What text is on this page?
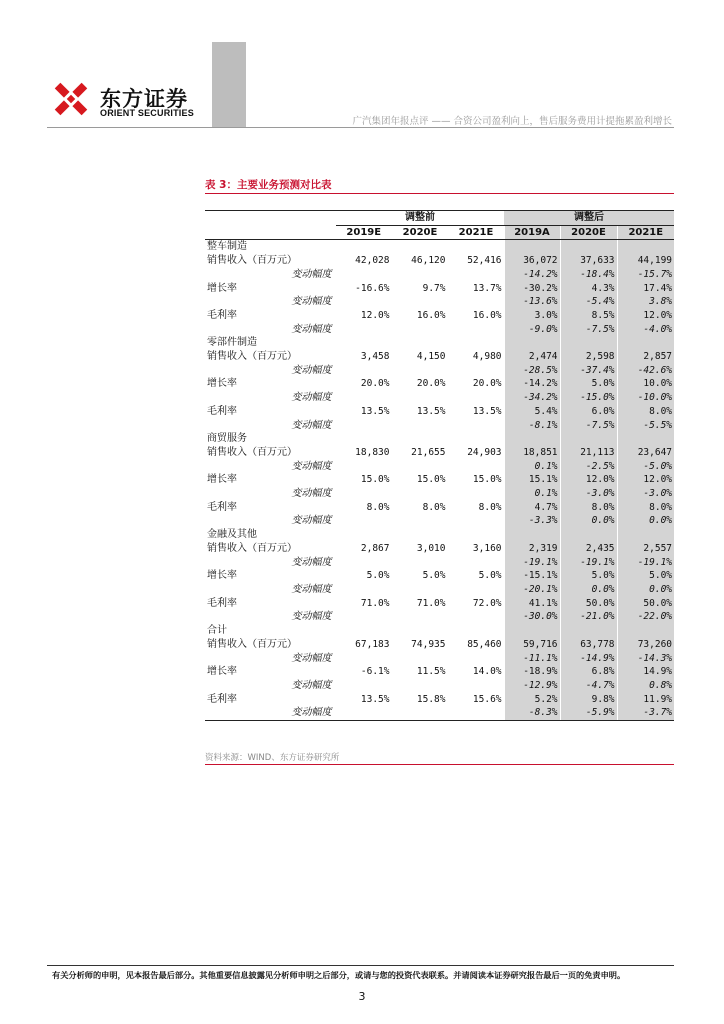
东方证券
ORIENT SECURITIES
广汽集团年报点评 —— 合资公司盈利向上，售后服务费用计提拖累盈利增长
表 3：主要业务预测对比表
	调整前			调整后		
	2019E	2020E	2021E	2019A	2020E	2021E
整车制造						
销售收入（百万元）	42,028	46,120	52,416	36,072	37,633	44,199
变动幅度				-14.2%	-18.4%	-15.7%
增长率	-16.6%	9.7%	13.7%	-30.2%	4.3%	17.4%
变动幅度				-13.6%	-5.4%	3.8%
毛利率	12.0%	16.0%	16.0%	3.0%	8.5%	12.0%
变动幅度				-9.0%	-7.5%	-4.0%
零部件制造						
销售收入（百万元）	3,458	4,150	4,980	2,474	2,598	2,857
变动幅度				-28.5%	-37.4%	-42.6%
增长率	20.0%	20.0%	20.0%	-14.2%	5.0%	10.0%
变动幅度				-34.2%	-15.0%	-10.0%
毛利率	13.5%	13.5%	13.5%	5.4%	6.0%	8.0%
变动幅度				-8.1%	-7.5%	-5.5%
商贸服务						
销售收入（百万元）	18,830	21,655	24,903	18,851	21,113	23,647
变动幅度				0.1%	-2.5%	-5.0%
增长率	15.0%	15.0%	15.0%	15.1%	12.0%	12.0%
变动幅度				0.1%	-3.0%	-3.0%
毛利率	8.0%	8.0%	8.0%	4.7%	8.0%	8.0%
变动幅度				-3.3%	0.0%	0.0%
金融及其他						
销售收入（百万元）	2,867	3,010	3,160	2,319	2,435	2,557
变动幅度				-19.1%	-19.1%	-19.1%
增长率	5.0%	5.0%	5.0%	-15.1%	5.0%	5.0%
变动幅度				-20.1%	0.0%	0.0%
毛利率	71.0%	71.0%	72.0%	41.1%	50.0%	50.0%
变动幅度				-30.0%	-21.0%	-22.0%
合计						
销售收入（百万元）	67,183	74,935	85,460	59,716	63,778	73,260
变动幅度				-11.1%	-14.9%	-14.3%
增长率	-6.1%	11.5%	14.0%	-18.9%	6.8%	14.9%
变动幅度				-12.9%	-4.7%	0.8%
毛利率	13.5%	15.8%	15.6%	5.2%	9.8%	11.9%
变动幅度				-8.3%	-5.9%	-3.7%
资料来源：WIND、东方证券研究所
有关分析师的申明，见本报告最后部分。其他重要信息披露见分析师申明之后部分，或请与您的投资代表联系。并请阅读本证券研究报告最后一页的免责申明。
3
